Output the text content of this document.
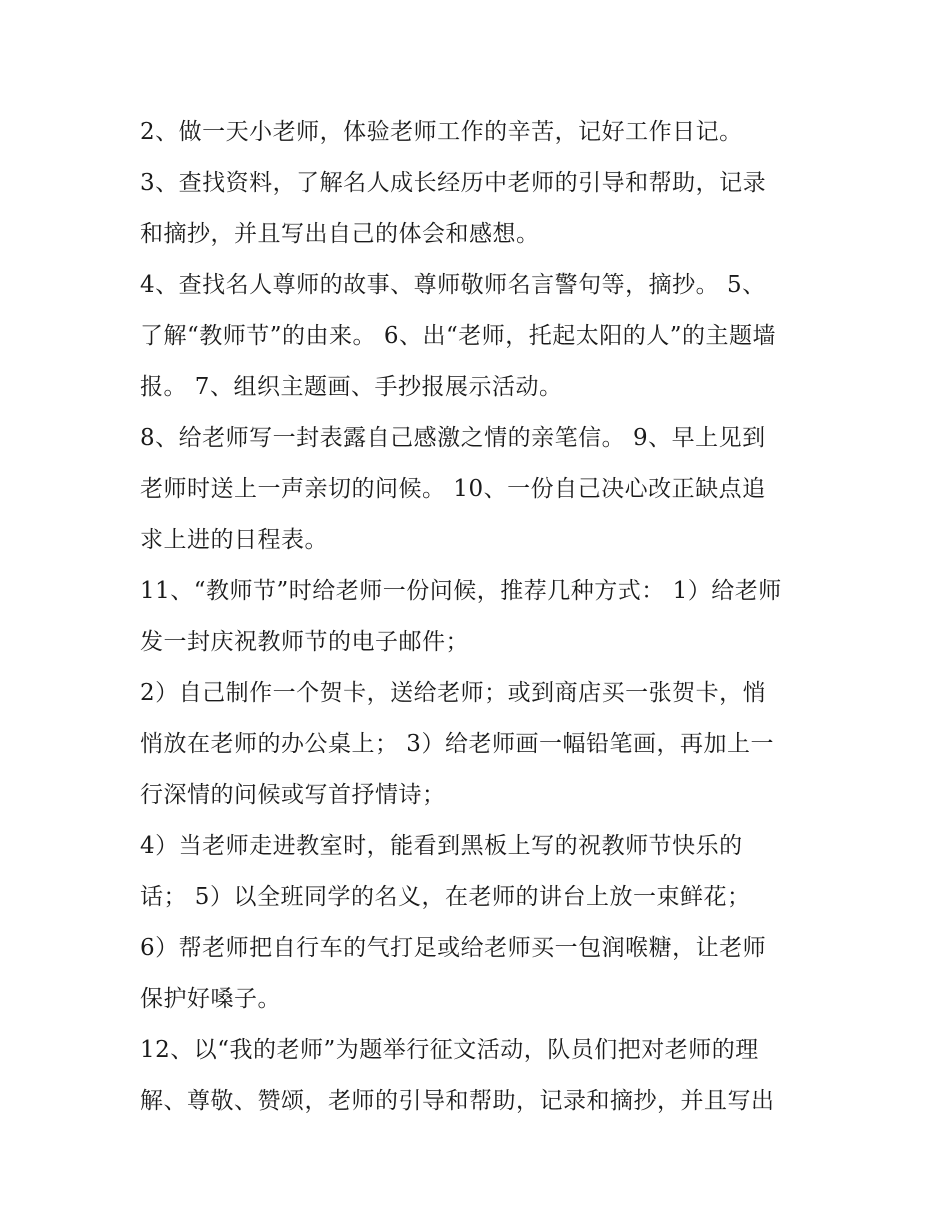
2、做一天小老师，体验老师工作的辛苦，记好工作日记。
3、查找资料，了解名人成长经历中老师的引导和帮助，记录
和摘抄，并且写出自己的体会和感想。
4、查找名人尊师的故事、尊师敬师名言警句等，摘抄。 5、
了解“教师节”的由来。 6、出“老师，托起太阳的人”的主题墙
报。 7、组织主题画、手抄报展示活动。
8、给老师写一封表露自己感激之情的亲笔信。 9、早上见到
老师时送上一声亲切的问候。 10、一份自己决心改正缺点追
求上进的日程表。
11、“教师节”时给老师一份问候，推荐几种方式： 1）给老师
发一封庆祝教师节的电子邮件；
2）自己制作一个贺卡，送给老师；或到商店买一张贺卡，悄
悄放在老师的办公桌上； 3）给老师画一幅铅笔画，再加上一
行深情的问候或写首抒情诗；
4）当老师走进教室时，能看到黑板上写的祝教师节快乐的
话； 5）以全班同学的名义，在老师的讲台上放一束鲜花；
6）帮老师把自行车的气打足或给老师买一包润喉糖，让老师
保护好嗓子。
12、以“我的老师”为题举行征文活动，队员们把对老师的理
解、尊敬、赞颂，老师的引导和帮助，记录和摘抄，并且写出
